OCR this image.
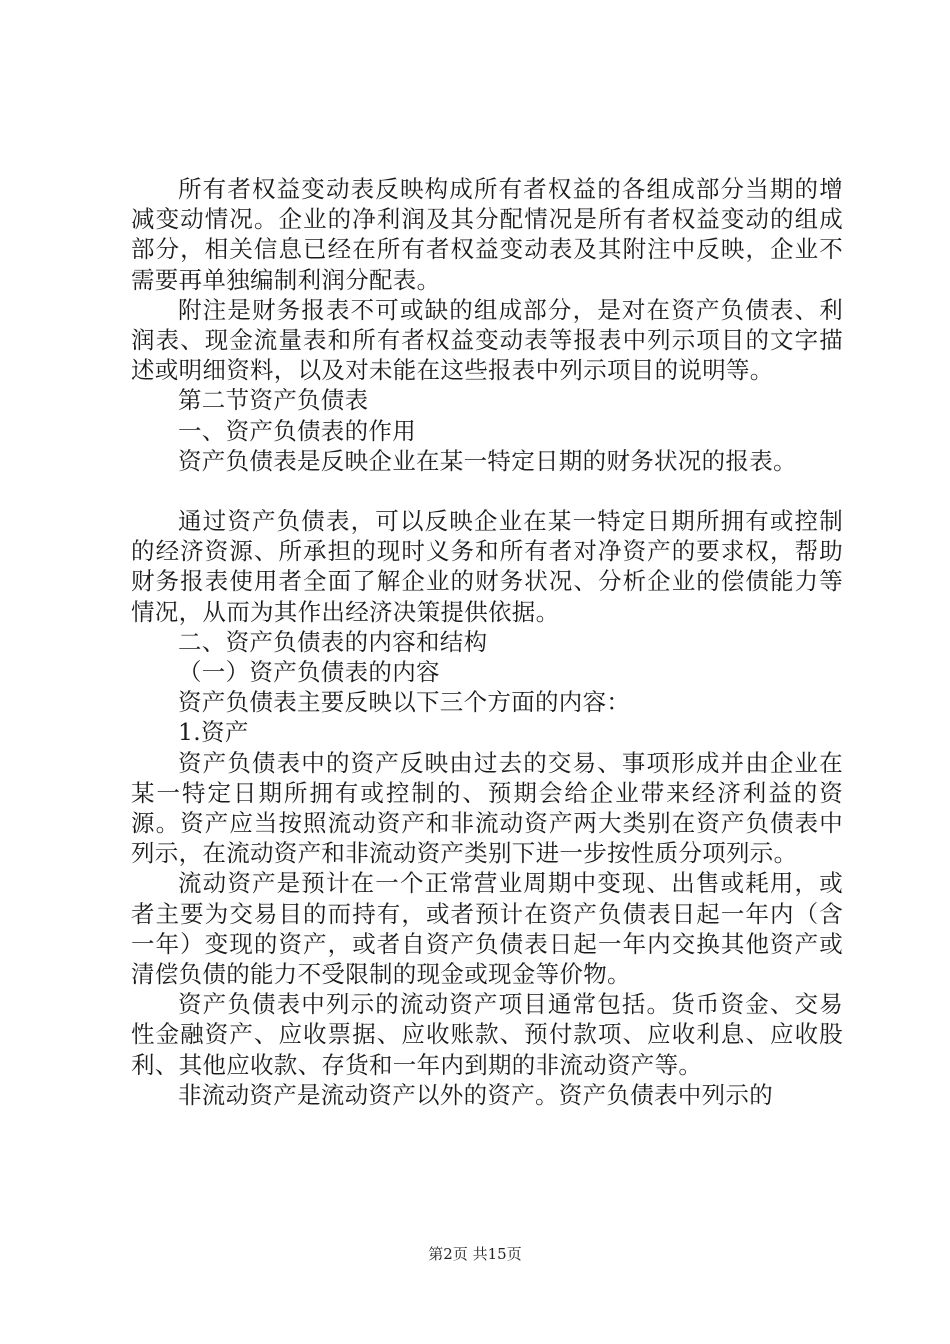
所有者权益变动表反映构成所有者权益的各组成部分当期的增减变动情况。企业的净利润及其分配情况是所有者权益变动的组成部分，相关信息已经在所有者权益变动表及其附注中反映，企业不需要再单独编制利润分配表。

附注是财务报表不可或缺的组成部分，是对在资产负债表、利润表、现金流量表和所有者权益变动表等报表中列示项目的文字描述或明细资料，以及对未能在这些报表中列示项目的说明等。

第二节资产负债表

一、资产负债表的作用

资产负债表是反映企业在某一特定日期的财务状况的报表。

通过资产负债表，可以反映企业在某一特定日期所拥有或控制的经济资源、所承担的现时义务和所有者对净资产的要求权，帮助财务报表使用者全面了解企业的财务状况、分析企业的偿债能力等情况，从而为其作出经济决策提供依据。

二、资产负债表的内容和结构

（一）资产负债表的内容

资产负债表主要反映以下三个方面的内容：

1.资产

资产负债表中的资产反映由过去的交易、事项形成并由企业在某一特定日期所拥有或控制的、预期会给企业带来经济利益的资源。资产应当按照流动资产和非流动资产两大类别在资产负债表中列示，在流动资产和非流动资产类别下进一步按性质分项列示。

流动资产是预计在一个正常营业周期中变现、出售或耗用，或者主要为交易目的而持有，或者预计在资产负债表日起一年内（含一年）变现的资产，或者自资产负债表日起一年内交换其他资产或清偿负债的能力不受限制的现金或现金等价物。

资产负债表中列示的流动资产项目通常包括。货币资金、交易性金融资产、应收票据、应收账款、预付款项、应收利息、应收股利、其他应收款、存货和一年内到期的非流动资产等。

非流动资产是流动资产以外的资产。资产负债表中列示的

第2页 共15页
